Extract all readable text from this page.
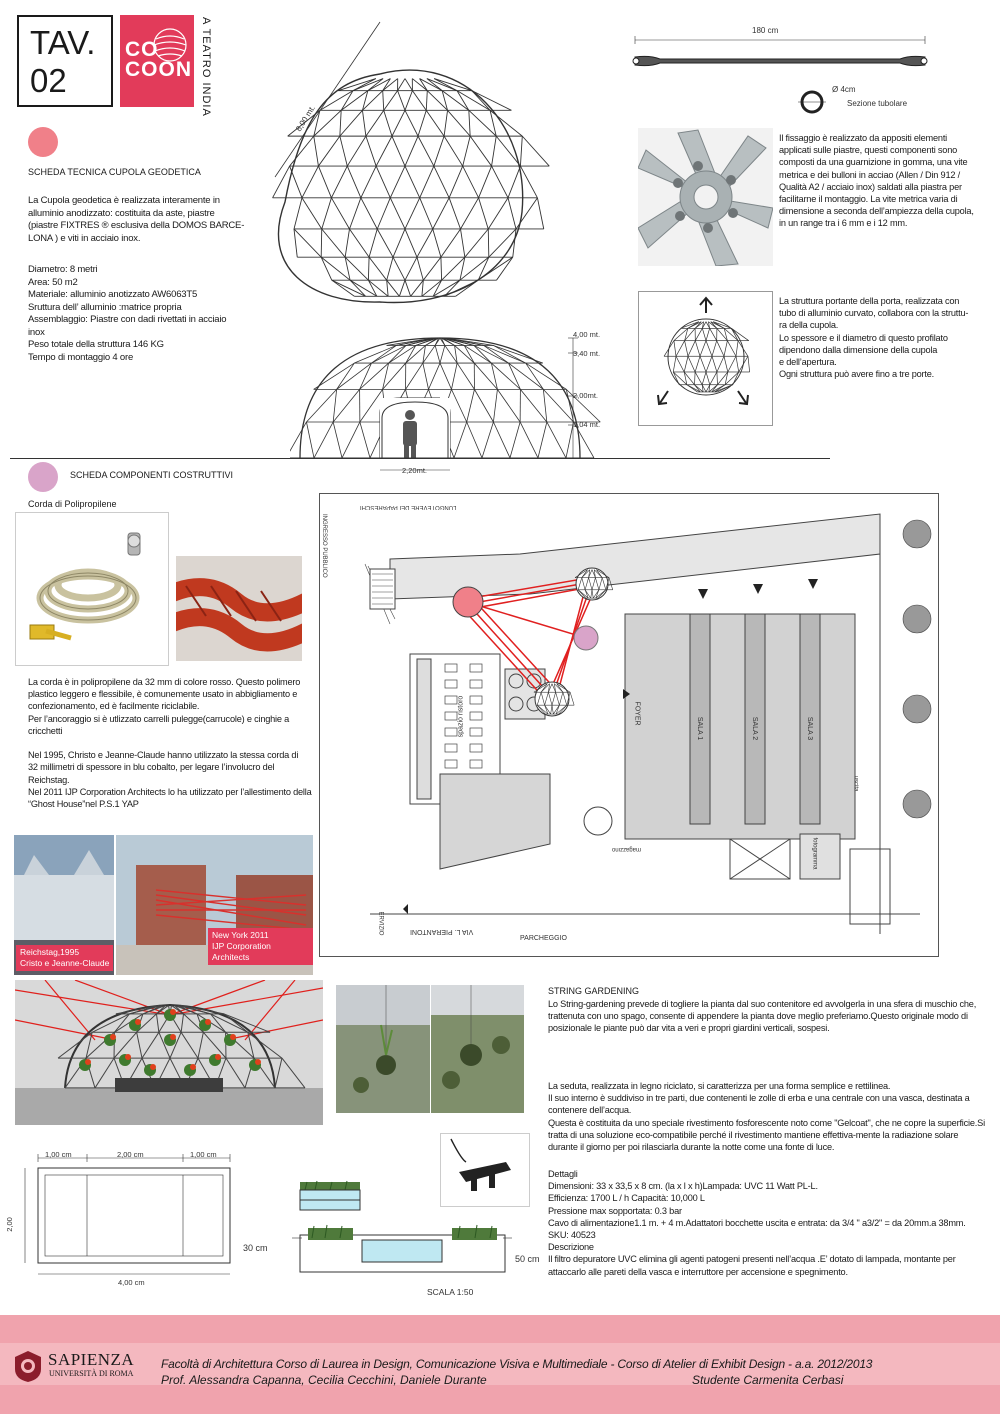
TAV.
02
CO
COON A TEATRO INDIA
8,00 mt.
4,00 mt.
3,40 mt.
2,00mt.
1,04 mt.
2,20mt.
SCHEDA TECNICA CUPOLA GEODETICA
La Cupola geodetica è realizzata interamente in
alluminio anodizzato: costituita da aste, piastre
(piastre FIXTRES ® esclusiva della DOMOS BARCE-
LONA ) e viti in acciaio inox.
Diametro: 8 metri
Area: 50 m2
Materiale: alluminio anotizzato AW6063T5
Sruttura dell’ alluminio :matrice propria
Assemblaggio: Piastre con dadi rivettati in acciaio
inox
Peso totale della struttura 146 KG
Tempo di montaggio 4 ore
180 cm
Ø 4cm
Sezione tubolare
Il fissaggio è realizzato da appositi elementi
applicati sulle piastre, questi componenti sono
composti da una guarnizione in gomma, una vite
metrica e dei bulloni in acciao (Allen / Din 912 /
Qualità A2 / acciaio inox) saldati alla piastra per
facilitarne il montaggio. La vite metrica varia di
dimensione a seconda dell’ampiezza della cupola,
in un range tra i 6 mm e i 12 mm.
La struttura portante della porta, realizzata con
tubo di alluminio curvato, collabora con la struttu-
ra della cupola.
Lo spessore e il diametro di questo profilato
dipendono dalla dimensione della cupola
e dell’apertura.
Ogni struttura può avere fino a tre porte.
SCHEDA COMPONENTI COSTRUTTIVI
Corda di Polipropilene
La corda è in polipropilene da 32 mm di colore rosso. Questo polimero
plastico leggero e flessibile, è comunemente usato in abbigliamento e
confezionamento, ed è facilmente riciclabile.
Per l’ancoraggio si è utlizzato carrelli pulegge(carrucole) e cinghie a
cricchetti

Nel 1995, Christo e Jeanne-Claude hanno utilizzato la stessa corda di
32 millimetri di spessore in blu cobalto, per legare l’involucro del
Reichstag.
Nel 2011 IJP Corporation Architects lo ha utilizzato per l’allestimento della
“Ghost House”nel P.S.1 YAP
Reichstag,1995
Cristo e Jeanne-Claude
New York 2011
IJP Corporation Architects
LUNGOTEVERE DEI PAPARESCHI
INGRESSO PUBBLICO
spazio ristoro	FOYER
SALA 1	SALA 2	SALA 3
fotogramma
magazzino
VIA L. PIERANTONI
ERVIZIO
PARCHEGGIO
uscita
STRING GARDENING
Lo String-gardening prevede di togliere la pianta dal suo contenitore ed avvolgerla in una sfera di muschio che,
trattenuta con uno spago, consente di appendere la pianta dove meglio preferiamo.Questo originale modo di
posizionale le piante può dar vita a veri e propri giardini verticali, sospesi.
La seduta, realizzata in legno riciclato, si caratterizza per una forma semplice e rettilinea.
Il suo interno è suddiviso in tre parti, due contenenti le zolle di erba e una centrale con una vasca, destinata a
contenere dell’acqua.
Questa è costituita da uno speciale rivestimento fosforescente noto come "Gelcoat", che ne copre la superficie.Si
tratta di una soluzione eco-compatibile perché il rivestimento mantiene effettiva-mente la radiazione solare
durante il giorno per poi rilasciarla durante la notte come una fonte di luce.
Dettagli
Dimensioni: 33 x 33,5 x 8 cm. (la x l x h)Lampada: UVC 11 Watt PL-L.
Efficienza: 1700 L / h Capacità: 10,000 L
Pressione max sopportata: 0.3 bar
Cavo di alimentazione1.1 m. + 4 m.Adattatori bocchette uscita e entrata: da 3/4 " a3/2" = da 20mm.a 38mm.
SKU: 40523
Descrizione
Il filtro depuratore UVC elimina gli agenti patogeni presenti nell’acqua .E’ dotato di lampada, montante per
attaccarlo alle pareti della vasca e interruttore per accensione e spegnimento.
1,00 cm	2,00 cm	1,00 cm
4,00 cm
2,00
30 cm
50 cm
SCALA 1:50
SAPIENZA
UNIVERSITÀ DI ROMA
Facoltà di Architettura Corso di Laurea in Design, Comunicazione Visiva e Multimediale - Corso di Atelier di Exhibit Design - a.a. 2012/2013
Prof. Alessandra Capanna, Cecilia Cecchini, Daniele Durante	Studente Carmenita Cerbasi
